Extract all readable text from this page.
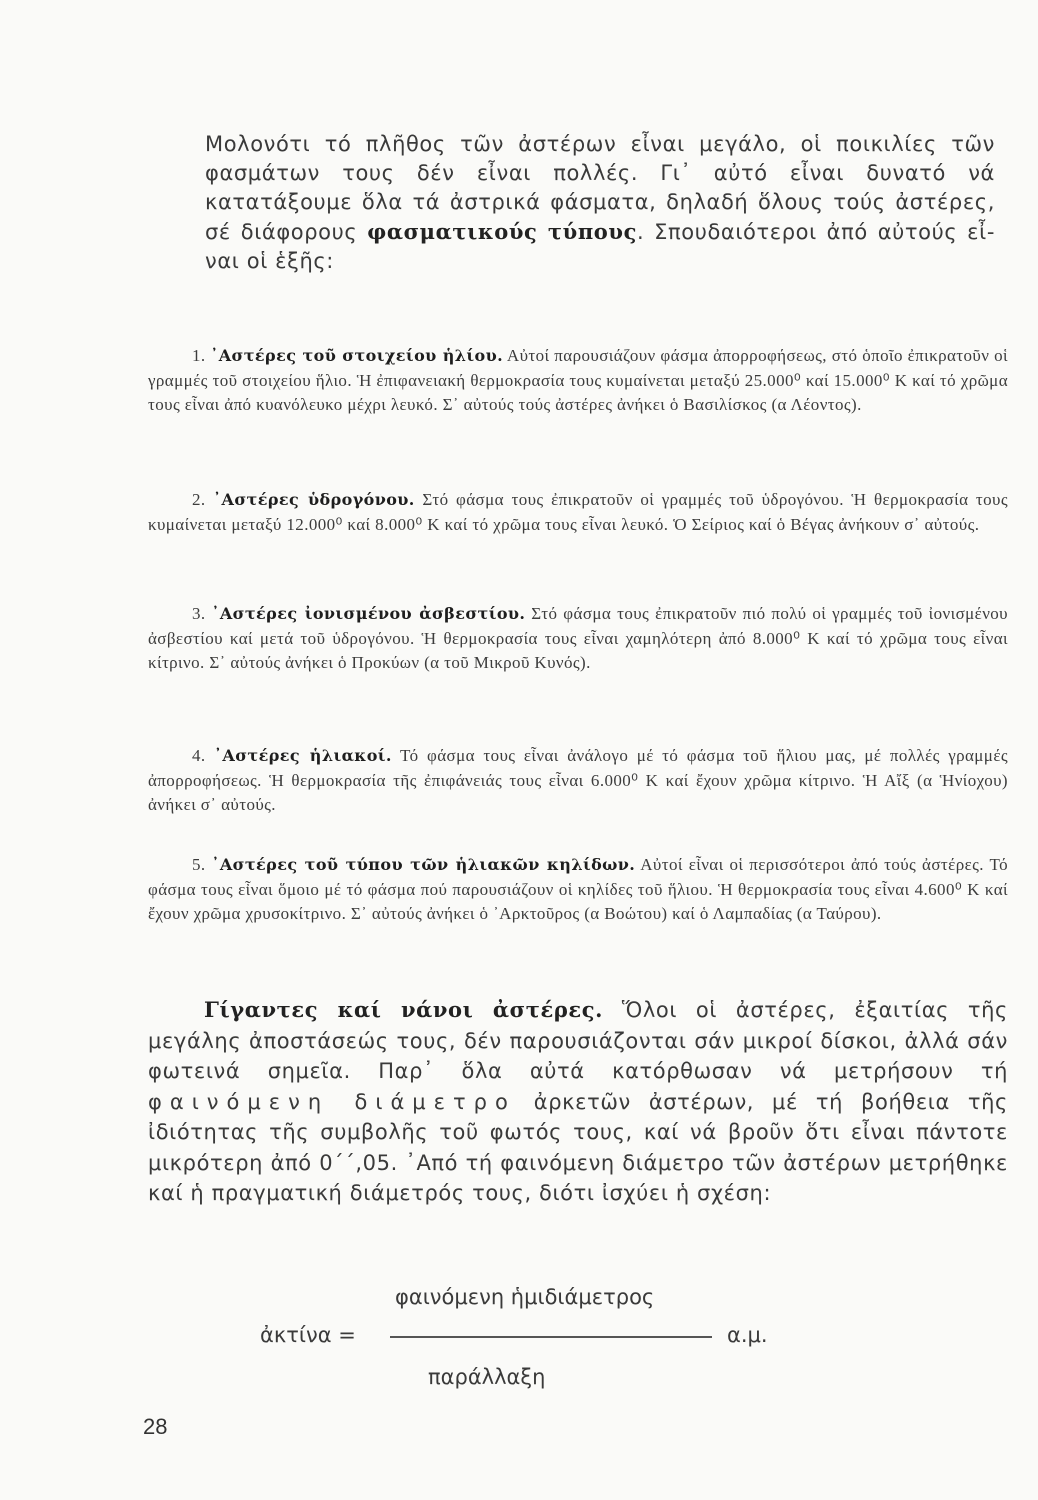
Μολονότι τό πλῆθος τῶν ἀστέρων εἶναι μεγάλο, οἱ ποικιλίες τῶν φασμάτων τους δέν εἶναι πολλές. Γι᾽ αὐτό εἶναι δυνατό νά κατατάξουμε ὅλα τά ἀστρικά φάσματα, δηλαδή ὅλους τούς ἀστέρες, σέ διάφορους φασματικούς τύπους. Σπουδαιότεροι ἀπό αὐτούς εἶ-ναι οἱ ἑξῆς:

1. ᾽Αστέρες τοῦ στοιχείου ἡλίου. Αὐτοί παρουσιάζουν φάσμα ἀπορροφήσεως, στό ὁποῖο ἐπικρατοῦν οἱ γραμμές τοῦ στοιχείου ἥλιο. Ἡ ἐπιφανειακή θερμοκρασία τους κυμαίνεται μεταξύ 25.000⁰ καί 15.000⁰ Κ καί τό χρῶμα τους εἶναι ἀπό κυανόλευκο μέχρι λευκό. Σ᾽ αὐτούς τούς ἀστέρες ἀνήκει ὁ Βασιλίσκος (α Λέοντος).

2. ᾽Αστέρες ὑδρογόνου. Στό φάσμα τους ἐπικρατοῦν οἱ γραμμές τοῦ ὑδρογόνου. Ἡ θερμοκρασία τους κυμαίνεται μεταξύ 12.000⁰ καί 8.000⁰ Κ καί τό χρῶμα τους εἶναι λευκό. Ὁ Σείριος καί ὁ Βέγας ἀνήκουν σ᾽ αὐτούς.

3. ᾽Αστέρες ἰονισμένου ἀσβεστίου. Στό φάσμα τους ἐπικρατοῦν πιό πολύ οἱ γραμμές τοῦ ἰονισμένου ἀσβεστίου καί μετά τοῦ ὑδρογόνου. Ἡ θερμοκρασία τους εἶναι χαμηλότερη ἀπό 8.000⁰ Κ καί τό χρῶμα τους εἶναι κίτρινο. Σ᾽ αὐτούς ἀνήκει ὁ Προκύων (α τοῦ Μικροῦ Κυνός).

4. ᾽Αστέρες ἡλιακοί. Τό φάσμα τους εἶναι ἀνάλογο μέ τό φάσμα τοῦ ἥλιου μας, μέ πολλές γραμμές ἀπορροφήσεως. Ἡ θερμοκρασία τῆς ἐπιφάνειάς τους εἶναι 6.000⁰ Κ καί ἔχουν χρῶμα κίτρινο. Ἡ Αἴξ (α Ἡνίοχου) ἀνήκει σ᾽ αὐτούς.

5. ᾽Αστέρες τοῦ τύπου τῶν ἡλιακῶν κηλίδων. Αὐτοί εἶναι οἱ περισσότεροι ἀπό τούς ἀστέρες. Τό φάσμα τους εἶναι ὅμοιο μέ τό φάσμα πού παρουσιάζουν οἱ κηλίδες τοῦ ἥλιου. Ἡ θερμοκρασία τους εἶναι 4.600⁰ Κ καί ἔχουν χρῶμα χρυσοκίτρινο. Σ᾽ αὐτούς ἀνήκει ὁ ᾽Αρκτοῦρος (α Βοώτου) καί ὁ Λαμπαδίας (α Ταύρου).

Γίγαντες καί νάνοι ἀστέρες. Ὅλοι οἱ ἀστέρες, ἐξαιτίας τῆς μεγάλης ἀποστάσεώς τους, δέν παρουσιάζονται σάν μικροί δίσκοι, ἀλλά σάν φωτεινά σημεῖα. Παρ᾽ ὅλα αὐτά κατόρθωσαν νά μετρήσουν τή φαινόμενη διάμετρο ἀρκετῶν ἀστέρων, μέ τή βοήθεια τῆς ἰδιότητας τῆς συμβολῆς τοῦ φωτός τους, καί νά βροῦν ὅτι εἶναι πάντοτε μικρότερη ἀπό 0΄΄,05. ᾽Από τή φαινόμενη διάμετρο τῶν ἀστέρων μετρήθηκε καί ἡ πραγματική διάμετρός τους, διότι ἰσχύει ἡ σχέση:

φαινόμενη ἡμιδιάμετρος
ἀκτίνα =	α.μ.
παράλλαξη
28
